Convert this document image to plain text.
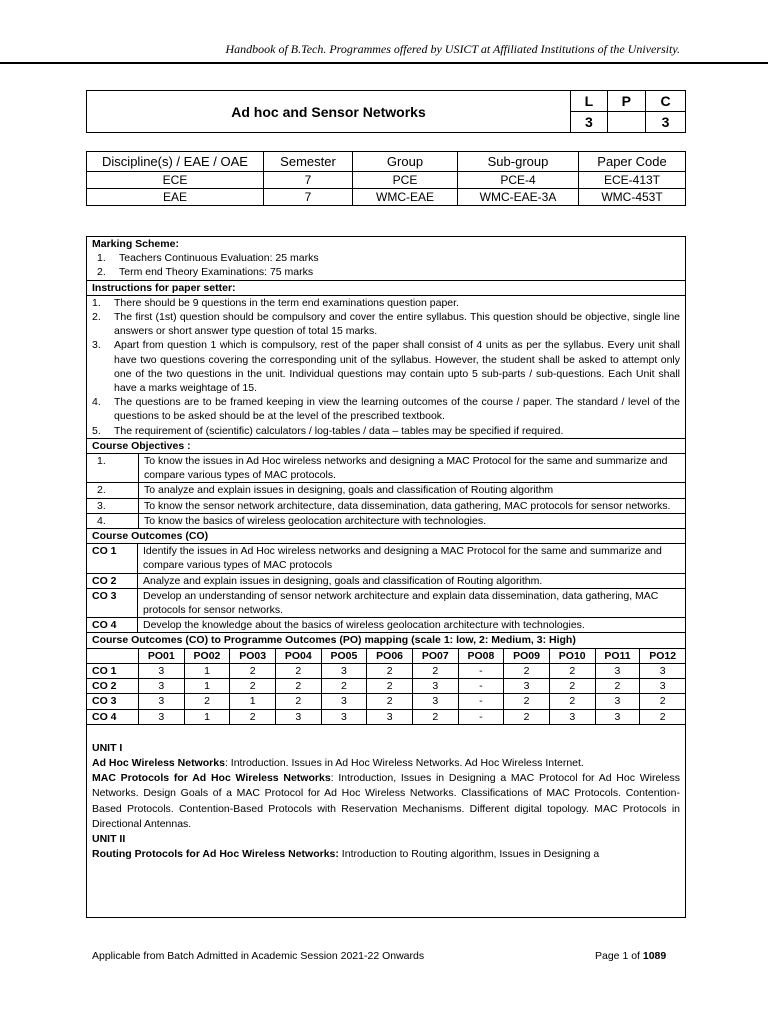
Handbook of B.Tech. Programmes offered by USICT at Affiliated Institutions of the University.
Ad hoc and Sensor Networks	L	P	C
	3		3
Discipline(s) / EAE / OAE	Semester	Group	Sub-group	Paper Code
ECE	7	PCE	PCE-4	ECE-413T
EAE	7	WMC-EAE	WMC-EAE-3A	WMC-453T
Marking Scheme:
1.	Teachers Continuous Evaluation: 25 marks
2.	Term end Theory Examinations: 75 marks
Instructions for paper setter:
1.	There should be 9 questions in the term end examinations question paper.
2.	The first (1st) question should be compulsory and cover the entire syllabus. This question should be objective, single line answers or short answer type question of total 15 marks.
3.	Apart from question 1 which is compulsory, rest of the paper shall consist of 4 units as per the syllabus. Every unit shall have two questions covering the corresponding unit of the syllabus. However, the student shall be asked to attempt only one of the two questions in the unit. Individual questions may contain upto 5 sub-parts / sub-questions. Each Unit shall have a marks weightage of 15.
4.	The questions are to be framed keeping in view the learning outcomes of the course / paper. The standard / level of the questions to be asked should be at the level of the prescribed textbook.
5.	The requirement of (scientific) calculators / log-tables / data – tables may be specified if required.
Course Objectives :
1.	To know the issues in Ad Hoc wireless networks and designing a MAC Protocol for the same and summarize and compare various types of MAC protocols.
2.	To analyze and explain issues in designing, goals and classification of Routing algorithm
3.	To know the sensor network architecture, data dissemination, data gathering, MAC protocols for sensor networks.
4.	To know the basics of wireless geolocation architecture with technologies.
Course Outcomes (CO)
CO 1	Identify the issues in Ad Hoc wireless networks and designing a MAC Protocol for the same and summarize and compare various types of MAC protocols
CO 2	Analyze and explain issues in designing, goals and classification of Routing algorithm.
CO 3	Develop an understanding of sensor network architecture and explain data dissemination, data gathering, MAC protocols for sensor networks.
CO 4	Develop the knowledge about the basics of wireless geolocation architecture with technologies.
Course Outcomes (CO) to Programme Outcomes (PO) mapping (scale 1: low, 2: Medium, 3: High)
	PO01	PO02	PO03	PO04	PO05	PO06	PO07	PO08	PO09	PO10	PO11	PO12
CO 1	3	1	2	2	3	2	2	-	2	2	3	3
CO 2	3	1	2	2	2	2	3	-	3	2	2	3
CO 3	3	2	1	2	3	2	3	-	2	2	3	2
CO 4	3	1	2	3	3	3	2	-	2	3	3	2
UNIT I

Ad Hoc Wireless Networks: Introduction. Issues in Ad Hoc Wireless Networks. Ad Hoc Wireless Internet.

MAC Protocols for Ad Hoc Wireless Networks: Introduction, Issues in Designing a MAC Protocol for Ad Hoc Wireless Networks. Design Goals of a MAC Protocol for Ad Hoc Wireless Networks. Classifications of MAC Protocols. Contention-Based Protocols. Contention-Based Protocols with Reservation Mechanisms. Different digital topology. MAC Protocols in Directional Antennas.

UNIT II

Routing Protocols for Ad Hoc Wireless Networks: Introduction to Routing algorithm, Issues in Designing a

Applicable from Batch Admitted in Academic Session 2021-22 Onwards	Page 1 of 1089
